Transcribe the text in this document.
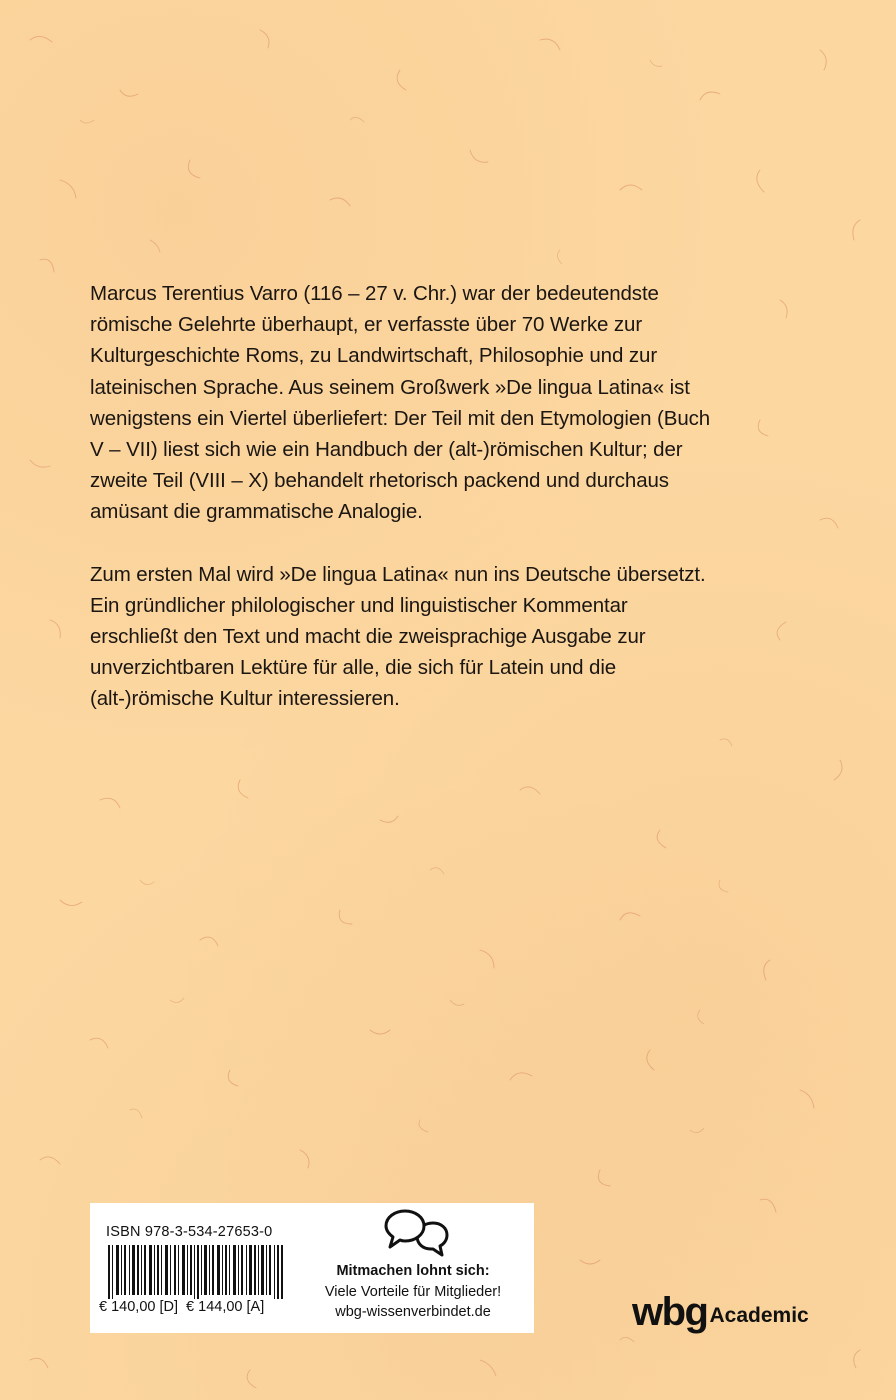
Marcus Terentius Varro (116 – 27 v. Chr.) war der bedeutendste römische Gelehrte überhaupt, er verfasste über 70 Werke zur Kulturgeschichte Roms, zu Landwirtschaft, Philosophie und zur lateinischen Sprache. Aus seinem Großwerk »De lingua Latina« ist wenigstens ein Viertel überliefert: Der Teil mit den Etymologien (Buch V – VII) liest sich wie ein Handbuch der (alt-)römischen Kultur; der zweite Teil (VIII – X) behandelt rhetorisch packend und durchaus amüsant die grammatische Analogie.

Zum ersten Mal wird »De lingua Latina« nun ins Deutsche übersetzt. Ein gründlicher philologischer und linguistischer Kommentar erschließt den Text und macht die zweisprachige Ausgabe zur unverzichtbaren Lektüre für alle, die sich für Latein und die (alt-)römische Kultur interessieren.

ISBN 978-3-534-27653-0
€ 140,00 [D] € 144,00 [A]
Mitmachen lohnt sich:
Viele Vorteile für Mitglieder!
wbg-wissenverbindet.de	wbgAcademic
